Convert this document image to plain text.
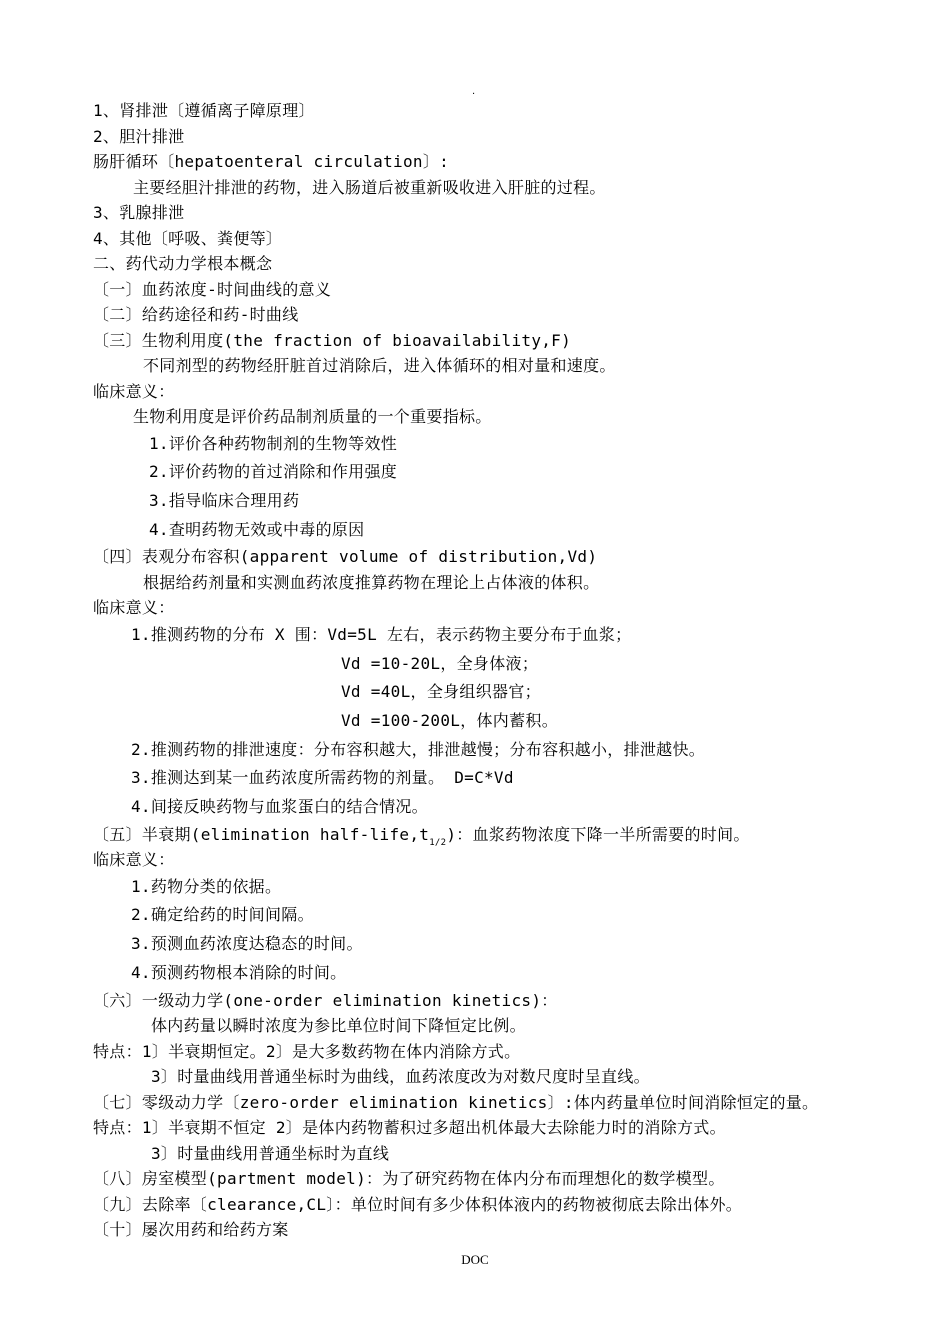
.
1、肾排泄〔遵循离子障原理〕
2、胆汁排泄
肠肝循环〔hepatoenteral circulation〕:
主要经胆汁排泄的药物，进入肠道后被重新吸收进入肝脏的过程。
3、乳腺排泄
4、其他〔呼吸、粪便等〕
二、药代动力学根本概念
〔一〕血药浓度-时间曲线的意义
〔二〕给药途径和药-时曲线
〔三〕生物利用度(the fraction of bioavailability,F)
不同剂型的药物经肝脏首过消除后，进入体循环的相对量和速度。
临床意义：
生物利用度是评价药品制剂质量的一个重要指标。
1.评价各种药物制剂的生物等效性
2.评价药物的首过消除和作用强度
3.指导临床合理用药
4.查明药物无效或中毒的原因
〔四〕表观分布容积(apparent volume of distribution,Vd)
根据给药剂量和实测血药浓度推算药物在理论上占体液的体积。
临床意义：
1.推测药物的分布 X 围：Vd=5L 左右，表示药物主要分布于血浆；
Vd =10-20L，全身体液；
Vd =40L，全身组织器官；
Vd =100-200L，体内蓄积。
2.推测药物的排泄速度：分布容积越大，排泄越慢；分布容积越小，排泄越快。
3.推测达到某一血药浓度所需药物的剂量。 D=C*Vd
4.间接反映药物与血浆蛋白的结合情况。
〔五〕半衰期(elimination half-$life,t_{1/2}$)：血浆药物浓度下降一半所需要的时间。
临床意义：
1.药物分类的依据。
2.确定给药的时间间隔。
3.预测血药浓度达稳态的时间。
4.预测药物根本消除的时间。
〔六〕一级动力学(one-order elimination kinetics)：
体内药量以瞬时浓度为参比单位时间下降恒定比例。
特点：1〕半衰期恒定。2〕是大多数药物在体内消除方式。
3〕时量曲线用普通坐标时为曲线，血药浓度改为对数尺度时呈直线。
〔七〕零级动力学〔zero-order elimination kinetics〕:体内药量单位时间消除恒定的量。
特点：1〕半衰期不恒定 2〕是体内药物蓄积过多超出机体最大去除能力时的消除方式。
3〕时量曲线用普通坐标时为直线
〔八〕房室模型(partment model)：为了研究药物在体内分布而理想化的数学模型。
〔九〕去除率〔clearance,CL〕：单位时间有多少体积体液内的药物被彻底去除出体外。
〔十〕屡次用药和给药方案
DOC
